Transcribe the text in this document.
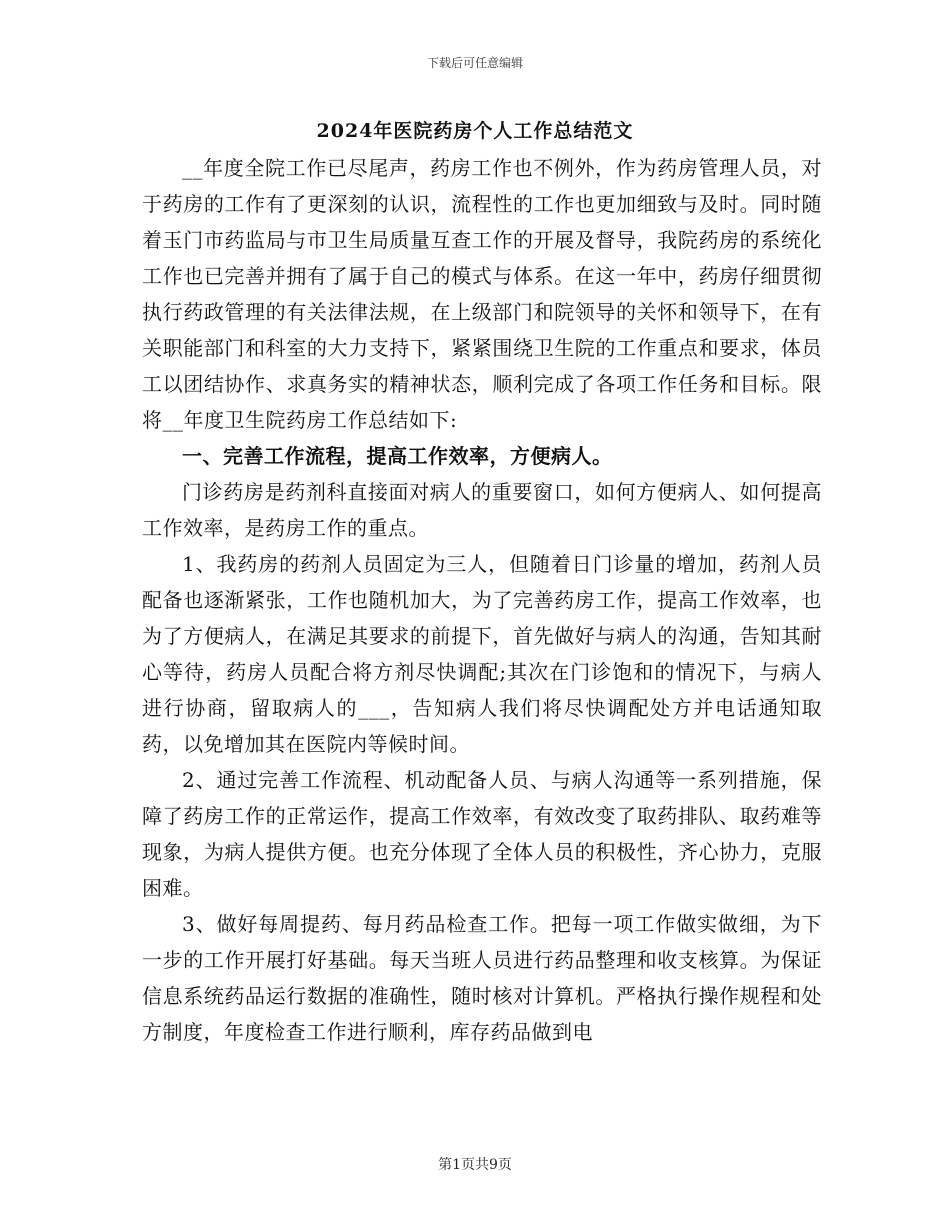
下载后可任意编辑
2024年医院药房个人工作总结范文

__年度全院工作已尽尾声，药房工作也不例外，作为药房管理人员，对于药房的工作有了更深刻的认识，流程性的工作也更加细致与及时。同时随着玉门市药监局与市卫生局质量互查工作的开展及督导，我院药房的系统化工作也已完善并拥有了属于自己的模式与体系。在这一年中，药房仔细贯彻执行药政管理的有关法律法规，在上级部门和院领导的关怀和领导下，在有关职能部门和科室的大力支持下，紧紧围绕卫生院的工作重点和要求，体员工以团结协作、求真务实的精神状态，顺利完成了各项工作任务和目标。限将__年度卫生院药房工作总结如下:

一、完善工作流程，提高工作效率，方便病人。

门诊药房是药剂科直接面对病人的重要窗口，如何方便病人、如何提高工作效率，是药房工作的重点。

1、我药房的药剂人员固定为三人，但随着日门诊量的增加，药剂人员配备也逐渐紧张，工作也随机加大，为了完善药房工作，提高工作效率，也为了方便病人，在满足其要求的前提下，首先做好与病人的沟通，告知其耐心等待，药房人员配合将方剂尽快调配;其次在门诊饱和的情况下，与病人进行协商，留取病人的___，告知病人我们将尽快调配处方并电话通知取药，以免增加其在医院内等候时间。

2、通过完善工作流程、机动配备人员、与病人沟通等一系列措施，保障了药房工作的正常运作，提高工作效率，有效改变了取药排队、取药难等现象，为病人提供方便。也充分体现了全体人员的积极性，齐心协力，克服困难。

3、做好每周提药、每月药品检查工作。把每一项工作做实做细，为下一步的工作开展打好基础。每天当班人员进行药品整理和收支核算。为保证信息系统药品运行数据的准确性，随时核对计算机。严格执行操作规程和处方制度，年度检查工作进行顺利，库存药品做到电

第1页共9页
